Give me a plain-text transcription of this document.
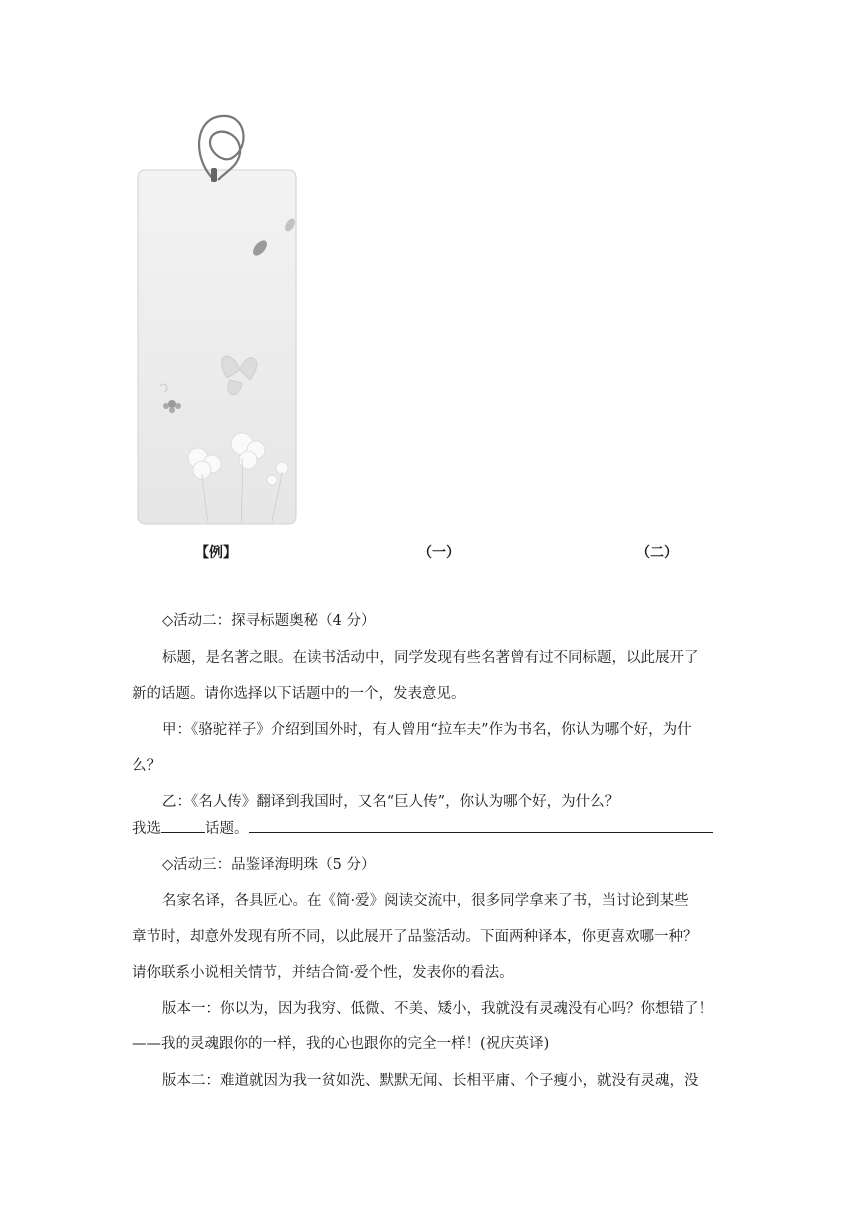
【例】	（一）	（二）
◇活动二：探寻标题奥秘（4 分）
标题，是名著之眼。在读书活动中，同学发现有些名著曾有过不同标题，以此展开了
新的话题。请你选择以下话题中的一个，发表意见。
甲：《骆驼祥子》介绍到国外时，有人曾用“拉车夫”作为书名，你认为哪个好，为什
么？
乙：《名人传》翻译到我国时，又名“巨人传”，你认为哪个好，为什么？
我选	话题。
◇活动三：品鉴译海明珠（5 分）
名家名译，各具匠心。在《简·爱》阅读交流中，很多同学拿来了书，当讨论到某些
章节时，却意外发现有所不同，以此展开了品鉴活动。下面两种译本，你更喜欢哪一种？
请你联系小说相关情节，并结合简·爱个性，发表你的看法。
版本一：你以为，因为我穷、低微、不美、矮小，我就没有灵魂没有心吗？你想错了！
——我的灵魂跟你的一样，我的心也跟你的完全一样！(祝庆英译)
版本二：难道就因为我一贫如洗、默默无闻、长相平庸、个子瘦小，就没有灵魂，没
